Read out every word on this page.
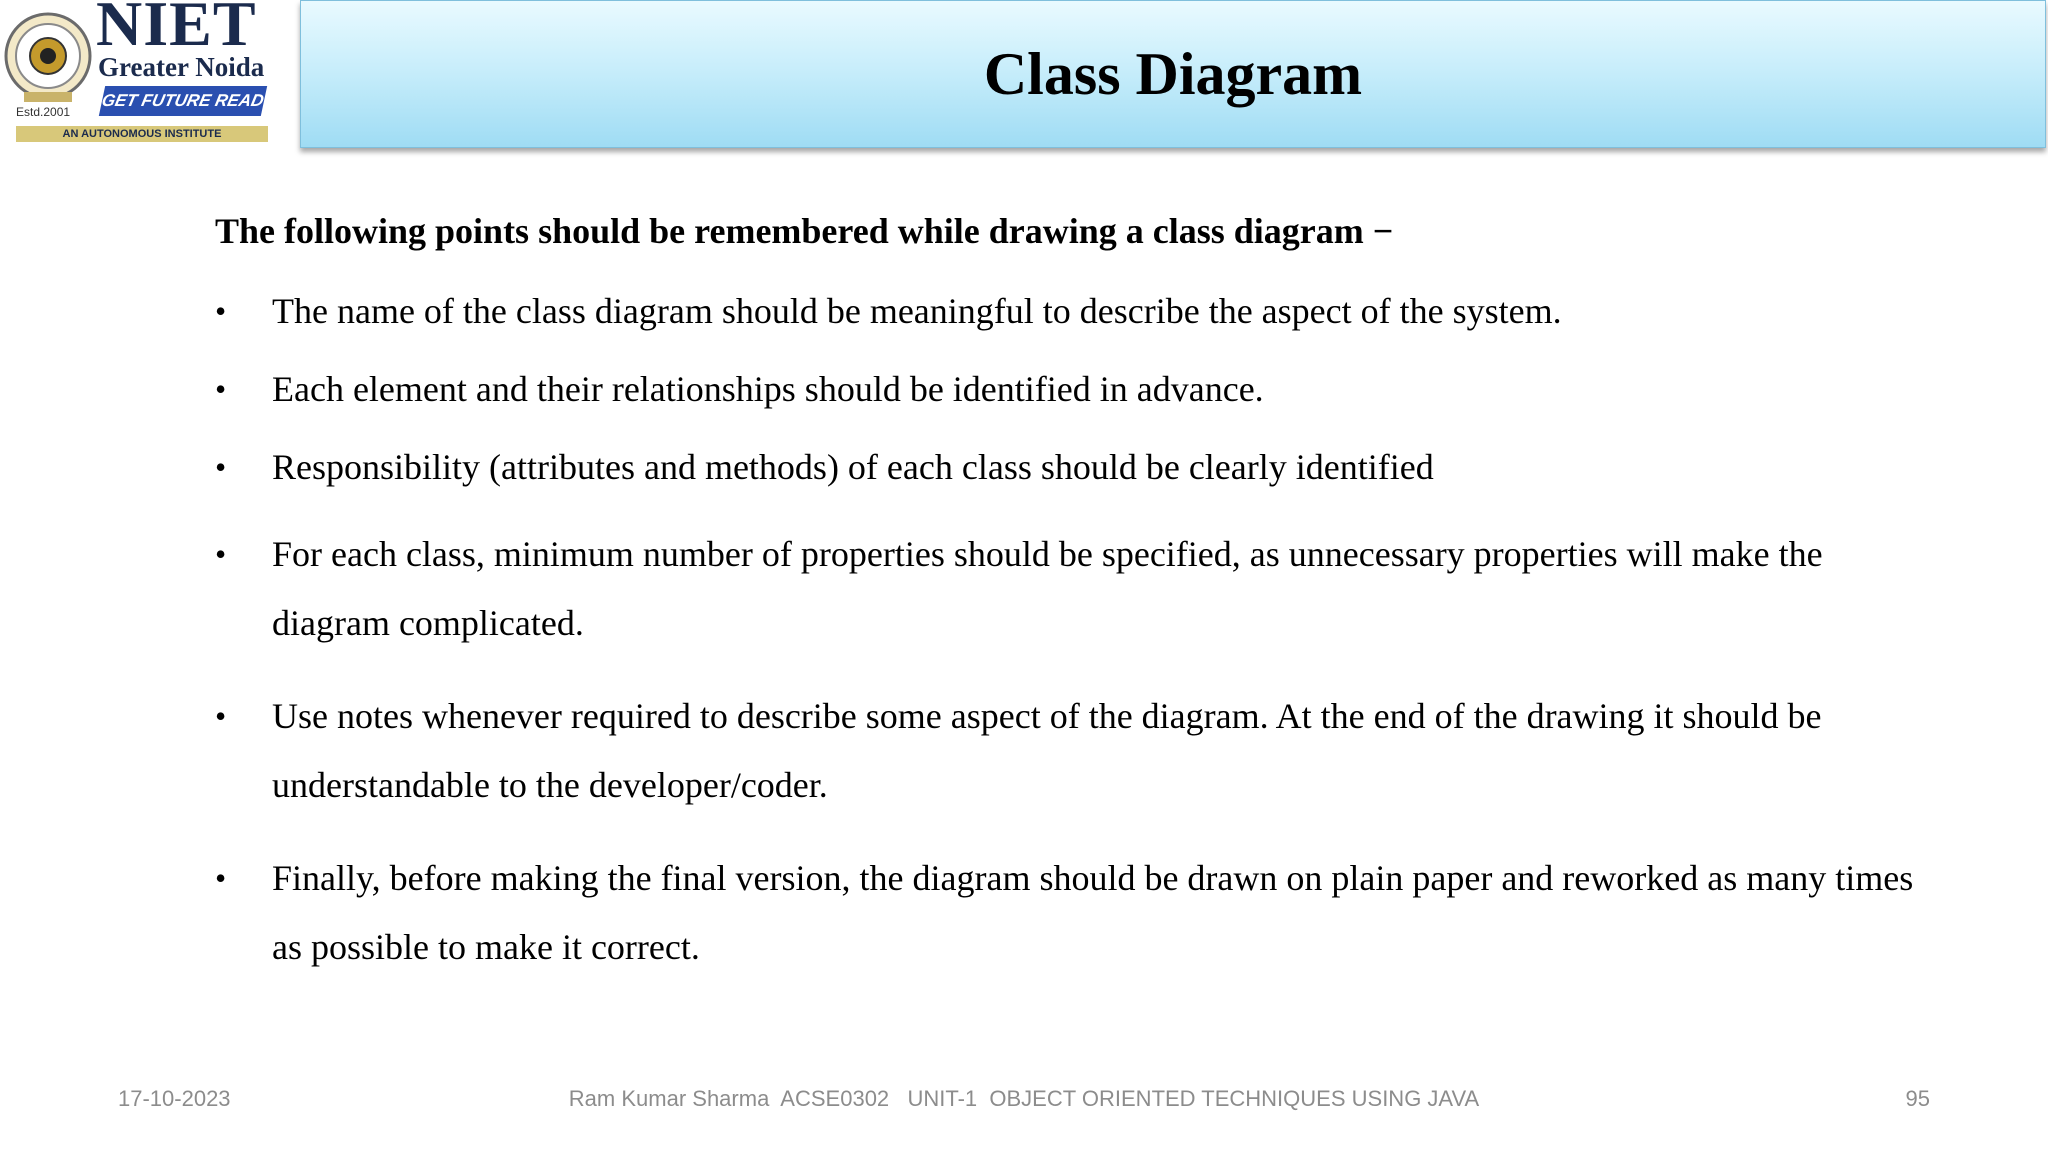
NIET
Greater Noida
GET FUTURE READY
Estd.2001
AN AUTONOMOUS INSTITUTE
Class Diagram
The following points should be remembered while drawing a class diagram −
• The name of the class diagram should be meaningful to describe the aspect of the system.
• Each element and their relationships should be identified in advance.
• Responsibility (attributes and methods) of each class should be clearly identified
• For each class, minimum number of properties should be specified, as unnecessary properties will make the diagram complicated.
• Use notes whenever required to describe some aspect of the diagram. At the end of the drawing it should be understandable to the developer/coder.
• Finally, before making the final version, the diagram should be drawn on plain paper and reworked as many times as possible to make it correct.
17-10-2023	Ram Kumar Sharma  ACSE0302   UNIT-1  OBJECT ORIENTED TECHNIQUES USING JAVA	95
